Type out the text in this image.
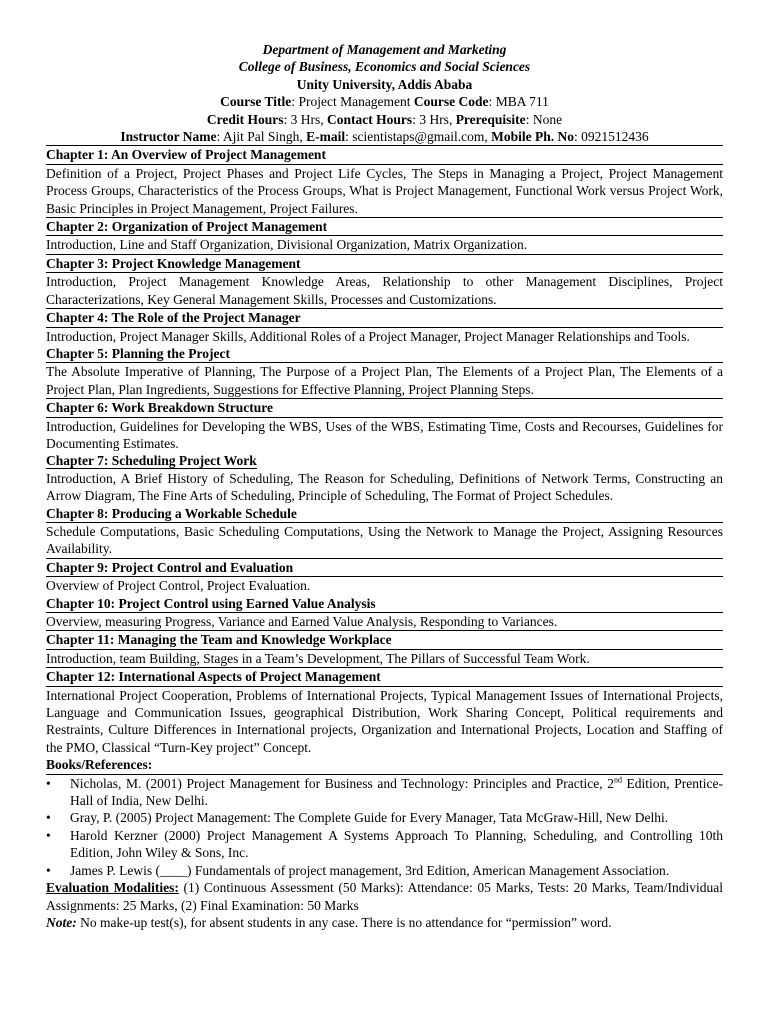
Department of Management and Marketing
College of Business, Economics and Social Sciences
Unity University, Addis Ababa
Course Title: Project Management Course Code: MBA 711
Credit Hours: 3 Hrs, Contact Hours: 3 Hrs, Prerequisite: None
Instructor Name: Ajit Pal Singh, E-mail: scientistaps@gmail.com, Mobile Ph. No: 0921512436
Chapter 1: An Overview of Project Management
Definition of a Project, Project Phases and Project Life Cycles, The Steps in Managing a Project, Project Management Process Groups, Characteristics of the Process Groups, What is Project Management, Functional Work versus Project Work, Basic Principles in Project Management, Project Failures.
Chapter 2: Organization of Project Management
Introduction, Line and Staff Organization, Divisional Organization, Matrix Organization.
Chapter 3: Project Knowledge Management
Introduction, Project Management Knowledge Areas, Relationship to other Management Disciplines, Project Characterizations, Key General Management Skills, Processes and Customizations.
Chapter 4: The Role of the Project Manager
Introduction, Project Manager Skills, Additional Roles of a Project Manager, Project Manager Relationships and Tools.
Chapter 5: Planning the Project
The Absolute Imperative of Planning, The Purpose of a Project Plan, The Elements of a Project Plan, The Elements of a Project Plan, Plan Ingredients, Suggestions for Effective Planning, Project Planning Steps.
Chapter 6: Work Breakdown Structure
Introduction, Guidelines for Developing the WBS, Uses of the WBS, Estimating Time, Costs and Recourses, Guidelines for Documenting Estimates.
Chapter 7: Scheduling Project Work
Introduction, A Brief History of Scheduling, The Reason for Scheduling, Definitions of Network Terms, Constructing an Arrow Diagram, The Fine Arts of Scheduling, Principle of Scheduling, The Format of Project Schedules.
Chapter 8: Producing a Workable Schedule
Schedule Computations, Basic Scheduling Computations, Using the Network to Manage the Project, Assigning Resources Availability.
Chapter 9: Project Control and Evaluation
Overview of Project Control, Project Evaluation.
Chapter 10: Project Control using Earned Value Analysis
Overview, measuring Progress, Variance and Earned Value Analysis, Responding to Variances.
Chapter 11: Managing the Team and Knowledge Workplace
Introduction, team Building, Stages in a Team’s Development, The Pillars of Successful Team Work.
Chapter 12: International Aspects of Project Management
International Project Cooperation, Problems of International Projects, Typical Management Issues of International Projects, Language and Communication Issues, geographical Distribution, Work Sharing Concept, Political requirements and Restraints, Culture Differences in International projects, Organization and International Projects, Location and Staffing of the PMO, Classical “Turn-Key project” Concept.
Books/References:
• Nicholas, M. (2001) Project Management for Business and Technology: Principles and Practice, 2nd Edition, Prentice-Hall of India, New Delhi.
• Gray, P. (2005) Project Management: The Complete Guide for Every Manager, Tata McGraw-Hill, New Delhi.
• Harold Kerzner (2000) Project Management A Systems Approach To Planning, Scheduling, and Controlling 10th Edition, John Wiley & Sons, Inc.
• James P. Lewis (____) Fundamentals of project management, 3rd Edition, American Management Association.
Evaluation Modalities: (1) Continuous Assessment (50 Marks): Attendance: 05 Marks, Tests: 20 Marks, Team/Individual Assignments: 25 Marks, (2) Final Examination: 50 Marks
Note: No make-up test(s), for absent students in any case. There is no attendance for “permission” word.
